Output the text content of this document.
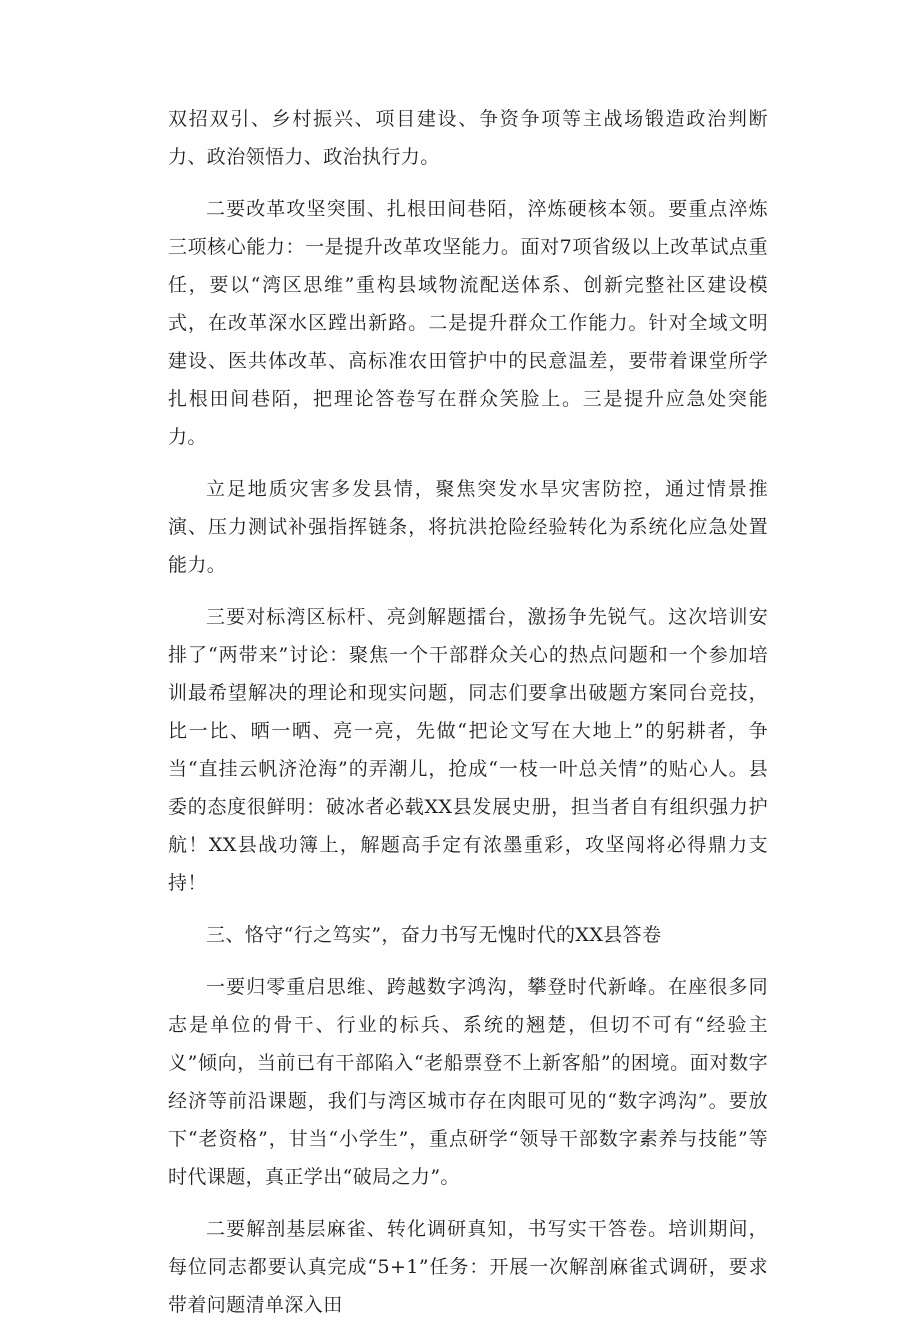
双招双引、乡村振兴、项目建设、争资争项等主战场锻造政治判断力、政治领悟力、政治执行力。

二要改革攻坚突围、扎根田间巷陌，淬炼硬核本领。要重点淬炼三项核心能力：一是提升改革攻坚能力。面对7项省级以上改革试点重任，要以“湾区思维”重构县域物流配送体系、创新完整社区建设模式，在改革深水区蹚出新路。二是提升群众工作能力。针对全域文明建设、医共体改革、高标准农田管护中的民意温差，要带着课堂所学扎根田间巷陌，把理论答卷写在群众笑脸上。三是提升应急处突能力。

立足地质灾害多发县情，聚焦突发水旱灾害防控，通过情景推演、压力测试补强指挥链条，将抗洪抢险经验转化为系统化应急处置能力。

三要对标湾区标杆、亮剑解题擂台，激扬争先锐气。这次培训安排了“两带来”讨论：聚焦一个干部群众关心的热点问题和一个参加培训最希望解决的理论和现实问题，同志们要拿出破题方案同台竞技，比一比、晒一晒、亮一亮，先做“把论文写在大地上”的躬耕者，争当“直挂云帆济沧海”的弄潮儿，抢成“一枝一叶总关情”的贴心人。县委的态度很鲜明：破冰者必载XX县发展史册，担当者自有组织强力护航！XX县战功簿上，解题高手定有浓墨重彩，攻坚闯将必得鼎力支持！

三、恪守“行之笃实”，奋力书写无愧时代的XX县答卷

一要归零重启思维、跨越数字鸿沟，攀登时代新峰。在座很多同志是单位的骨干、行业的标兵、系统的翘楚，但切不可有“经验主义”倾向，当前已有干部陷入“老船票登不上新客船”的困境。面对数字经济等前沿课题，我们与湾区城市存在肉眼可见的“数字鸿沟”。要放下“老资格”，甘当“小学生”，重点研学“领导干部数字素养与技能”等时代课题，真正学出“破局之力”。

二要解剖基层麻雀、转化调研真知，书写实干答卷。培训期间，每位同志都要认真完成“5+1”任务：开展一次解剖麻雀式调研，要求带着问题清单深入田
